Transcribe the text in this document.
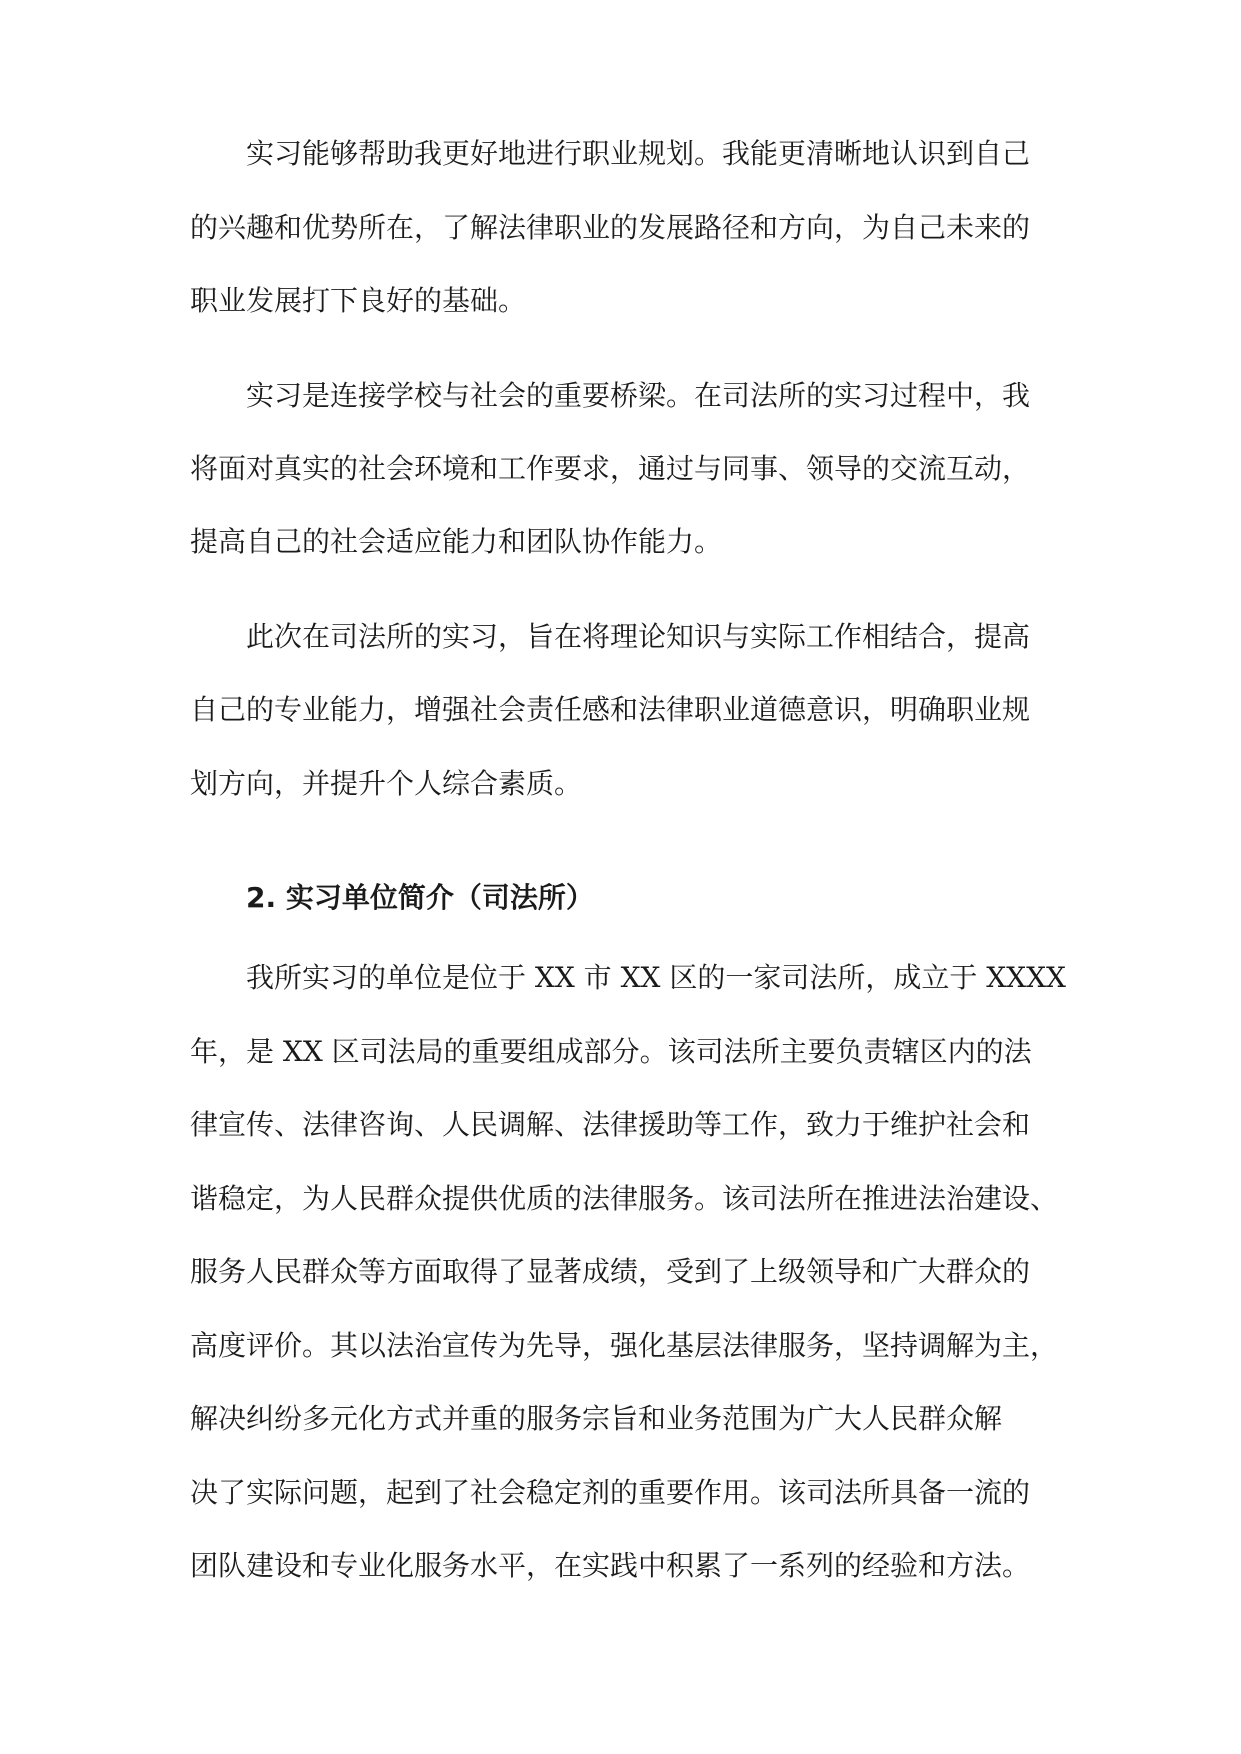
实习能够帮助我更好地进行职业规划。我能更清晰地认识到自己

的兴趣和优势所在，了解法律职业的发展路径和方向，为自己未来的

职业发展打下良好的基础。

实习是连接学校与社会的重要桥梁。在司法所的实习过程中，我

将面对真实的社会环境和工作要求，通过与同事、领导的交流互动，

提高自己的社会适应能力和团队协作能力。

此次在司法所的实习，旨在将理论知识与实际工作相结合，提高

自己的专业能力，增强社会责任感和法律职业道德意识，明确职业规

划方向，并提升个人综合素质。

2. 实习单位简介（司法所）

我所实习的单位是位于 XX 市 XX 区的一家司法所，成立于 XXXX

年，是 XX 区司法局的重要组成部分。该司法所主要负责辖区内的法

律宣传、法律咨询、人民调解、法律援助等工作，致力于维护社会和

谐稳定，为人民群众提供优质的法律服务。该司法所在推进法治建设、

服务人民群众等方面取得了显著成绩，受到了上级领导和广大群众的

高度评价。其以法治宣传为先导，强化基层法律服务，坚持调解为主，

解决纠纷多元化方式并重的服务宗旨和业务范围为广大人民群众解

决了实际问题，起到了社会稳定剂的重要作用。该司法所具备一流的

团队建设和专业化服务水平，在实践中积累了一系列的经验和方法。
